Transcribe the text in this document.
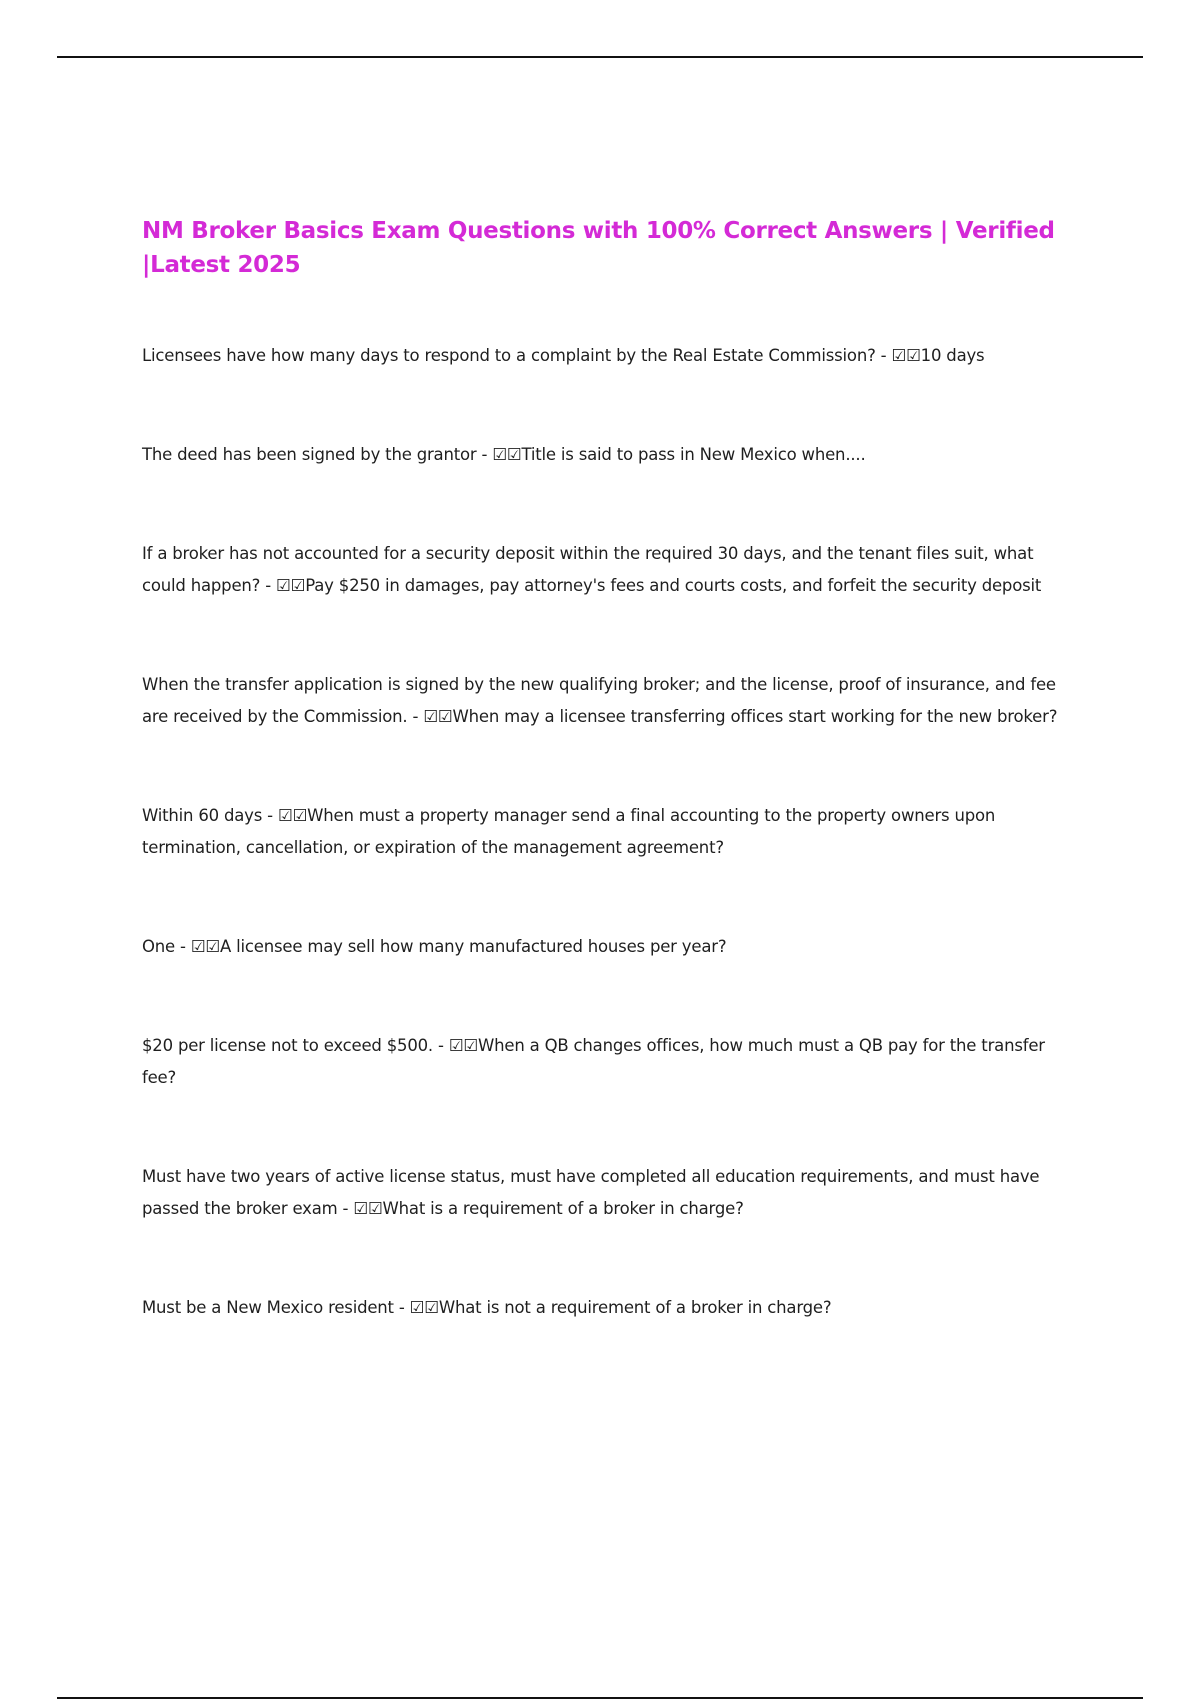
NM Broker Basics Exam Questions with 100% Correct Answers | Verified |Latest 2025
Licensees have how many days to respond to a complaint by the Real Estate Commission? - ☑☑10 days
The deed has been signed by the grantor - ☑☑Title is said to pass in New Mexico when....
If a broker has not accounted for a security deposit within the required 30 days, and the tenant files suit, what could happen? - ☑☑Pay $250 in damages, pay attorney's fees and courts costs, and forfeit the security deposit
When the transfer application is signed by the new qualifying broker; and the license, proof of insurance, and fee are received by the Commission. - ☑☑When may a licensee transferring offices start working for the new broker?
Within 60 days - ☑☑When must a property manager send a final accounting to the property owners upon termination, cancellation, or expiration of the management agreement?
One - ☑☑A licensee may sell how many manufactured houses per year?
$20 per license not to exceed $500. - ☑☑When a QB changes offices, how much must a QB pay for the transfer fee?
Must have two years of active license status, must have completed all education requirements, and must have passed the broker exam - ☑☑What is a requirement of a broker in charge?
Must be a New Mexico resident - ☑☑What is not a requirement of a broker in charge?
